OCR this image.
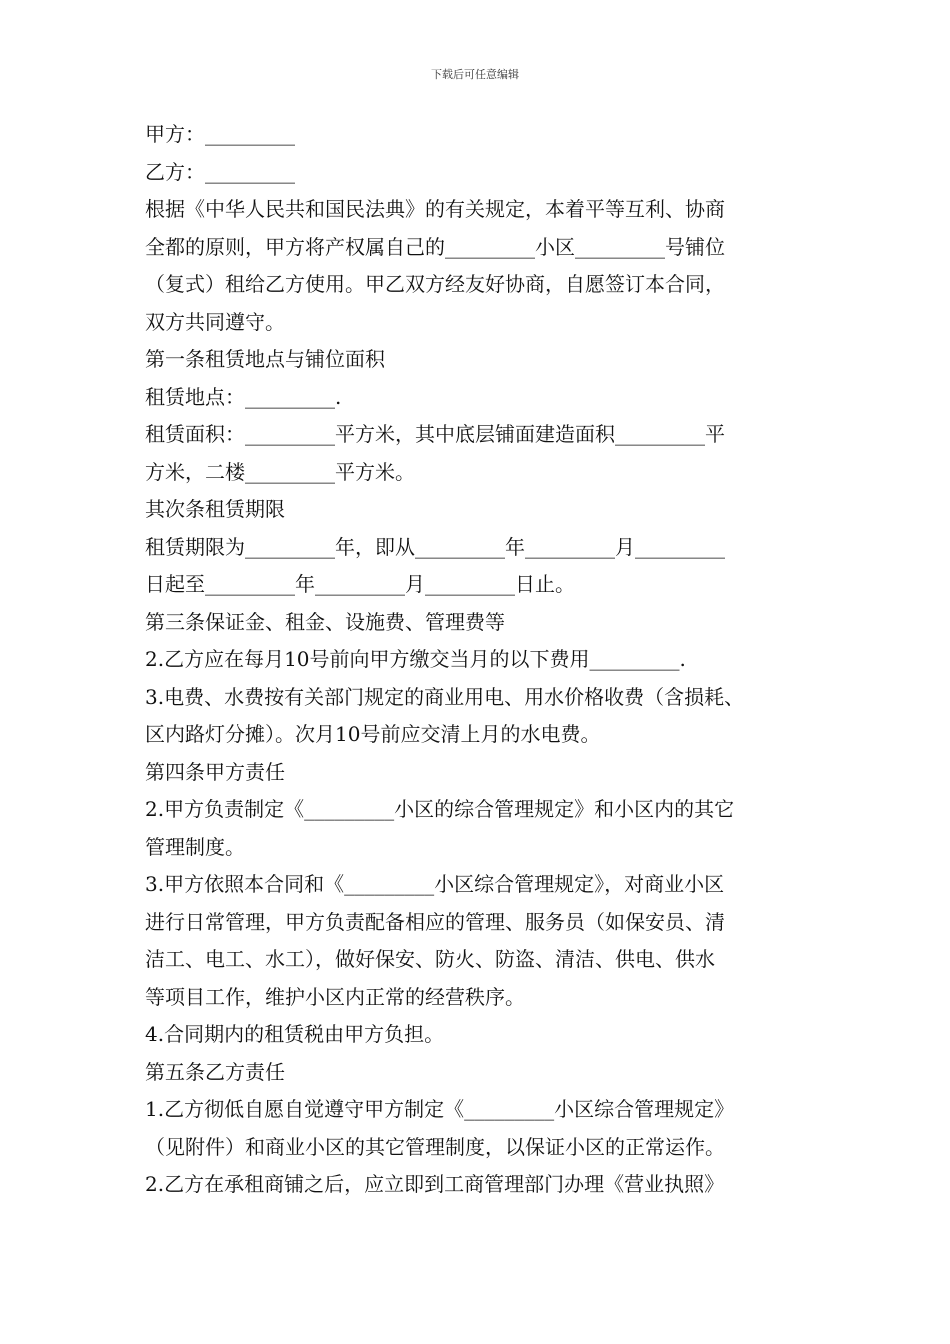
下载后可任意编辑

甲方：_________

乙方：_________

根据《中华人民共和国民法典》的有关规定，本着平等互利、协商

全都的原则，甲方将产权属自己的_________小区_________号铺位

（复式）租给乙方使用。甲乙双方经友好协商，自愿签订本合同，

双方共同遵守。

第一条租赁地点与铺位面积

租赁地点：_________.

租赁面积：_________平方米，其中底层铺面建造面积_________平

方米，二楼_________平方米。

其次条租赁期限

租赁期限为_________年，即从_________年_________月_________

日起至_________年_________月_________日止。

第三条保证金、租金、设施费、管理费等

2.乙方应在每月10号前向甲方缴交当月的以下费用_________.

3.电费、水费按有关部门规定的商业用电、用水价格收费（含损耗、

区内路灯分摊）。次月10号前应交清上月的水电费。

第四条甲方责任

2.甲方负责制定《_________小区的综合管理规定》和小区内的其它

管理制度。

3.甲方依照本合同和《_________小区综合管理规定》，对商业小区

进行日常管理，甲方负责配备相应的管理、服务员（如保安员、清

洁工、电工、水工），做好保安、防火、防盗、清洁、供电、供水

等项目工作，维护小区内正常的经营秩序。

4.合同期内的租赁税由甲方负担。

第五条乙方责任

1.乙方彻低自愿自觉遵守甲方制定《_________小区综合管理规定》

（见附件）和商业小区的其它管理制度，以保证小区的正常运作。

2.乙方在承租商铺之后，应立即到工商管理部门办理《营业执照》
